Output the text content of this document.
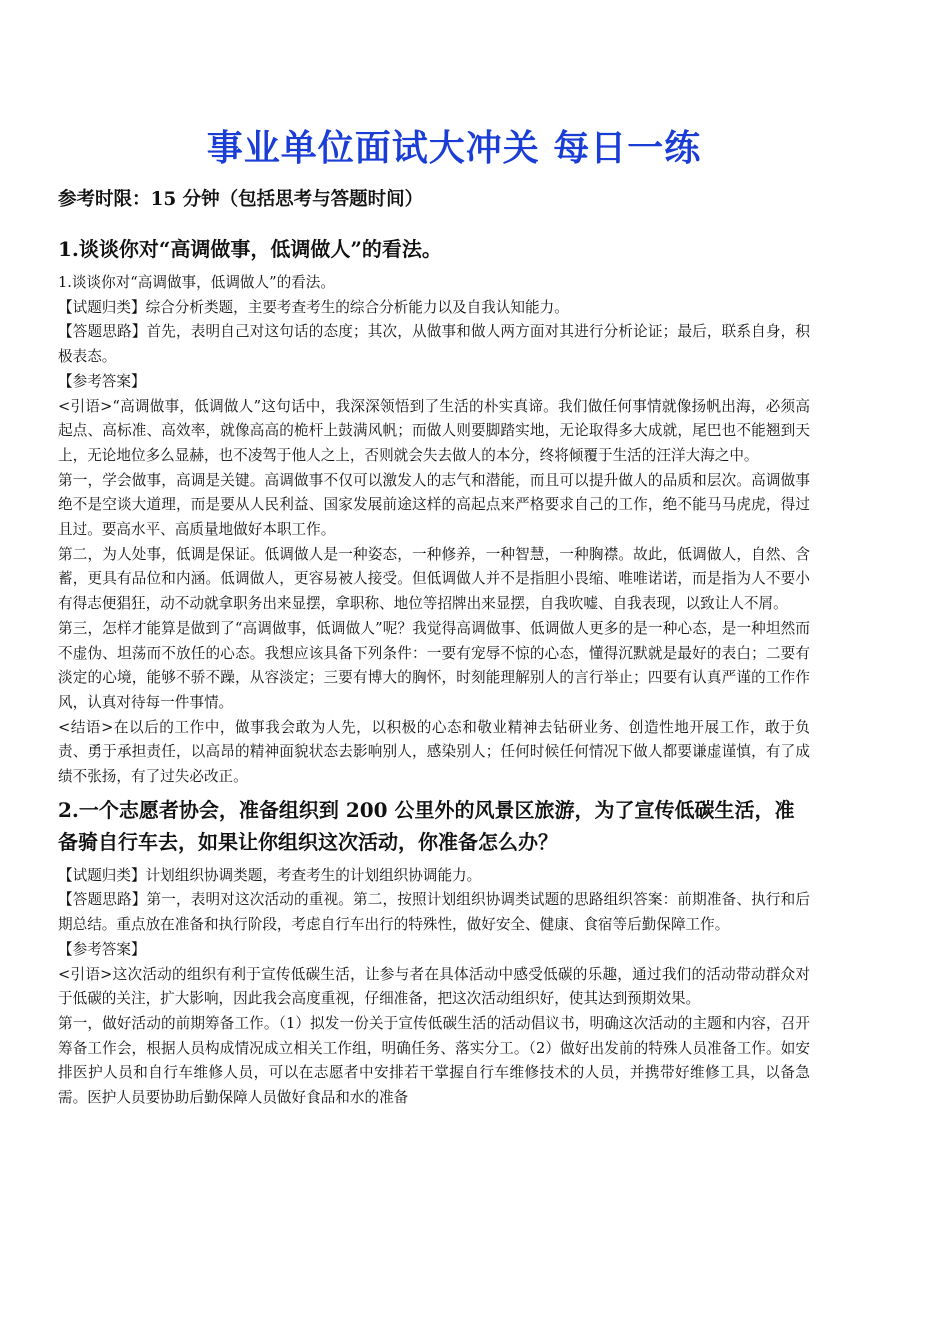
事业单位面试大冲关 每日一练
参考时限：15 分钟（包括思考与答题时间）
1.谈谈你对“高调做事，低调做人”的看法。

1.谈谈你对“高调做事，低调做人”的看法。

【试题归类】综合分析类题，主要考查考生的综合分析能力以及自我认知能力。

【答题思路】首先，表明自己对这句话的态度；其次，从做事和做人两方面对其进行分析论证；最后，联系自身，积极表态。

【参考答案】

<引语>“高调做事，低调做人”这句话中，我深深领悟到了生活的朴实真谛。我们做任何事情就像扬帆出海，必须高起点、高标准、高效率，就像高高的桅杆上鼓满风帆；而做人则要脚踏实地，无论取得多大成就，尾巴也不能翘到天上，无论地位多么显赫，也不凌驾于他人之上，否则就会失去做人的本分，终将倾覆于生活的汪洋大海之中。

第一，学会做事，高调是关键。高调做事不仅可以激发人的志气和潜能，而且可以提升做人的品质和层次。高调做事绝不是空谈大道理，而是要从人民利益、国家发展前途这样的高起点来严格要求自己的工作，绝不能马马虎虎，得过且过。要高水平、高质量地做好本职工作。

第二，为人处事，低调是保证。低调做人是一种姿态，一种修养，一种智慧，一种胸襟。故此，低调做人，自然、含蓄，更具有品位和内涵。低调做人，更容易被人接受。但低调做人并不是指胆小畏缩、唯唯诺诺，而是指为人不要小有得志便猖狂，动不动就拿职务出来显摆，拿职称、地位等招牌出来显摆，自我吹嘘、自我表现，以致让人不屑。

第三，怎样才能算是做到了“高调做事，低调做人”呢？我觉得高调做事、低调做人更多的是一种心态，是一种坦然而不虚伪、坦荡而不放任的心态。我想应该具备下列条件：一要有宠辱不惊的心态，懂得沉默就是最好的表白；二要有淡定的心境，能够不骄不躁，从容淡定；三要有博大的胸怀，时刻能理解别人的言行举止；四要有认真严谨的工作作风，认真对待每一件事情。

<结语>在以后的工作中，做事我会敢为人先，以积极的心态和敬业精神去钻研业务、创造性地开展工作，敢于负责、勇于承担责任，以高昂的精神面貌状态去影响别人，感染别人；任何时候任何情况下做人都要谦虚谨慎，有了成绩不张扬，有了过失必改正。

2.一个志愿者协会，准备组织到 200 公里外的风景区旅游，为了宣传低碳生活，准备骑自行车去，如果让你组织这次活动，你准备怎么办？

【试题归类】计划组织协调类题，考查考生的计划组织协调能力。

【答题思路】第一，表明对这次活动的重视。第二，按照计划组织协调类试题的思路组织答案：前期准备、执行和后期总结。重点放在准备和执行阶段，考虑自行车出行的特殊性，做好安全、健康、食宿等后勤保障工作。

【参考答案】

<引语>这次活动的组织有利于宣传低碳生活，让参与者在具体活动中感受低碳的乐趣，通过我们的活动带动群众对于低碳的关注，扩大影响，因此我会高度重视，仔细准备，把这次活动组织好，使其达到预期效果。

第一，做好活动的前期筹备工作。（1）拟发一份关于宣传低碳生活的活动倡议书，明确这次活动的主题和内容，召开筹备工作会，根据人员构成情况成立相关工作组，明确任务、落实分工。（2）做好出发前的特殊人员准备工作。如安排医护人员和自行车维修人员，可以在志愿者中安排若干掌握自行车维修技术的人员，并携带好维修工具，以备急需。医护人员要协助后勤保障人员做好食品和水的准备
